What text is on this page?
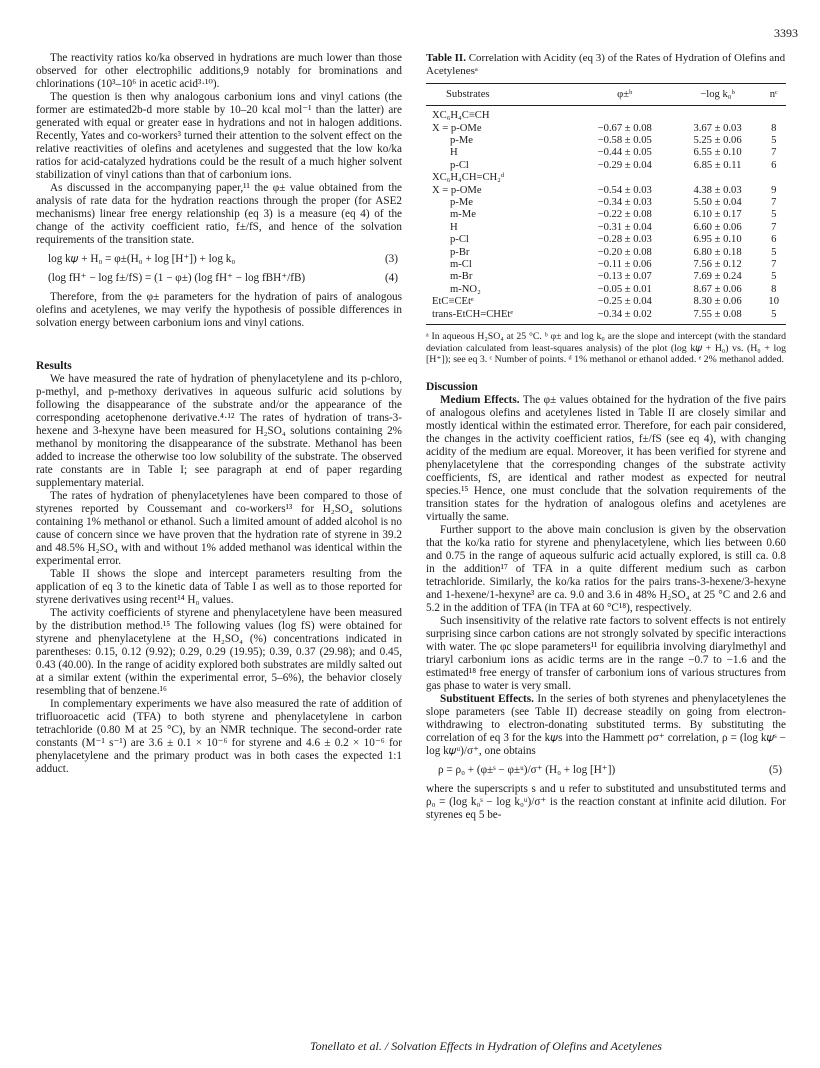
3393

The reactivity ratios ko/ka observed in hydrations are much lower than those observed for other electrophilic additions,9 notably for brominations and chlorinations (10³–10⁶ in acetic acid³·¹⁰).

The question is then why analogous carbonium ions and vinyl cations (the former are estimated2b-d more stable by 10–20 kcal mol⁻¹ than the latter) are generated with equal or greater ease in hydrations and not in halogen additions. Recently, Yates and co-workers³ turned their attention to the solvent effect on the relative reactivities of olefins and acetylenes and suggested that the low ko/ka ratios for acid-catalyzed hydrations could be the result of a much higher solvent stabilization of vinyl cations than that of carbonium ions.

As discussed in the accompanying paper,¹¹ the φ± value obtained from the analysis of rate data for the hydration reactions through the proper (for ASE2 mechanisms) linear free energy relationship (eq 3) is a measure (eq 4) of the change of the activity coefficient ratio, f±/fS, and hence of the solvation requirements of the transition state.

log k𝜓 + H₀ = φ±(H₀ + log [H⁺]) + log k₀	(3)
(log fH⁺ − log f±/fS) = (1 − φ±) (log fH⁺ − log fBH⁺/fB)	(4)

Therefore, from the φ± parameters for the hydration of pairs of analogous olefins and acetylenes, we may verify the hypothesis of possible differences in solvation energy between carbonium ions and vinyl cations.

Results

We have measured the rate of hydration of phenylacetylene and its p-chloro, p-methyl, and p-methoxy derivatives in aqueous sulfuric acid solutions by following the disappearance of the substrate and/or the appearance of the corresponding acetophenone derivative.⁴·¹² The rates of hydration of trans-3-hexene and 3-hexyne have been measured for H₂SO₄ solutions containing 2% methanol by monitoring the disappearance of the substrate. Methanol has been added to increase the otherwise too low solubility of the substrate. The observed rate constants are in Table I; see paragraph at end of paper regarding supplementary material.

The rates of hydration of phenylacetylenes have been compared to those of styrenes reported by Coussemant and co-workers¹³ for H₂SO₄ solutions containing 1% methanol or ethanol. Such a limited amount of added alcohol is no cause of concern since we have proven that the hydration rate of styrene in 39.2 and 48.5% H₂SO₄ with and without 1% added methanol was identical within the experimental error.

Table II shows the slope and intercept parameters resulting from the application of eq 3 to the kinetic data of Table I as well as to those reported for styrene derivatives using recent¹⁴ H₀ values.

The activity coefficients of styrene and phenylacetylene have been measured by the distribution method.¹⁵ The following values (log fS) were obtained for styrene and phenylacetylene at the H₂SO₄ (%) concentrations indicated in parentheses: 0.15, 0.12 (9.92); 0.29, 0.29 (19.95); 0.39, 0.37 (29.98); and 0.45, 0.43 (40.00). In the range of acidity explored both substrates are mildly salted out at a similar extent (within the experimental error, 5–6%), the behavior closely resembling that of benzene.¹⁶

In complementary experiments we have also measured the rate of addition of trifluoroacetic acid (TFA) to both styrene and phenylacetylene in carbon tetrachloride (0.80 M at 25 °C), by an NMR technique. The second-order rate constants (M⁻¹ s⁻¹) are 3.6 ± 0.1 × 10⁻⁶ for styrene and 4.6 ± 0.2 × 10⁻⁶ for phenylacetylene and the primary product was in both cases the expected 1:1 adduct.

Table II. Correlation with Acidity (eq 3) of the Rates of Hydration of Olefins and Acetylenesᵃ
Substrates	φ±ᵇ	−log k₀ᵇ	nᶜ
XC₆H₄C≡CH			
X = p-OMe	−0.67 ± 0.08	3.67 ± 0.03	8
p-Me	−0.58 ± 0.05	5.25 ± 0.06	5
H	−0.44 ± 0.05	6.55 ± 0.10	7
p-Cl	−0.29 ± 0.04	6.85 ± 0.11	6
XC₆H₄CH=CH₂ᵈ			
X = p-OMe	−0.54 ± 0.03	4.38 ± 0.03	9
p-Me	−0.34 ± 0.03	5.50 ± 0.04	7
m-Me	−0.22 ± 0.08	6.10 ± 0.17	5
H	−0.31 ± 0.04	6.60 ± 0.06	7
p-Cl	−0.28 ± 0.03	6.95 ± 0.10	6
p-Br	−0.20 ± 0.08	6.80 ± 0.18	5
m-Cl	−0.11 ± 0.06	7.56 ± 0.12	7
m-Br	−0.13 ± 0.07	7.69 ± 0.24	5
m-NO₂	−0.05 ± 0.01	8.67 ± 0.06	8
EtC≡CEtᵉ	−0.25 ± 0.04	8.30 ± 0.06	10
trans-EtCH=CHEtᵉ	−0.34 ± 0.02	7.55 ± 0.08	5
ᵃ In aqueous H₂SO₄ at 25 °C. ᵇ φ± and log k₀ are the slope and intercept (with the standard deviation calculated from least-squares analysis) of the plot (log k𝜓 + H₀) vs. (H₀ + log [H⁺]); see eq 3. ᶜ Number of points. ᵈ 1% methanol or ethanol added. ᵉ 2% methanol added.
Discussion

Medium Effects. The φ± values obtained for the hydration of the five pairs of analogous olefins and acetylenes listed in Table II are closely similar and mostly identical within the estimated error. Therefore, for each pair considered, the changes in the activity coefficient ratios, f±/fS (see eq 4), with changing acidity of the medium are equal. Moreover, it has been verified for styrene and phenylacetylene that the corresponding changes of the substrate activity coefficients, fS, are identical and rather modest as expected for neutral species.¹⁵ Hence, one must conclude that the solvation requirements of the transition states for the hydration of analogous olefins and acetylenes are virtually the same.

Further support to the above main conclusion is given by the observation that the ko/ka ratio for styrene and phenylacetylene, which lies between 0.60 and 0.75 in the range of aqueous sulfuric acid actually explored, is still ca. 0.8 in the addition¹⁷ of TFA in a quite different medium such as carbon tetrachloride. Similarly, the ko/ka ratios for the pairs trans-3-hexene/3-hexyne and 1-hexene/1-hexyne³ are ca. 9.0 and 3.6 in 48% H₂SO₄ at 25 °C and 2.6 and 5.2 in the addition of TFA (in TFA at 60 °C¹⁸), respectively.

Such insensitivity of the relative rate factors to solvent effects is not entirely surprising since carbon cations are not strongly solvated by specific interactions with water. The φc slope parameters¹¹ for equilibria involving diarylmethyl and triaryl carbonium ions as acidic terms are in the range −0.7 to −1.6 and the estimated¹⁸ free energy of transfer of carbonium ions of various structures from gas phase to water is very small.

Substituent Effects. In the series of both styrenes and phenylacetylenes the slope parameters (see Table II) decrease steadily on going from electron-withdrawing to electron-donating substituted terms. By substituting the correlation of eq 3 for the k𝜓s into the Hammett ρσ⁺ correlation, ρ = (log k𝜓ˢ − log k𝜓ᵘ)/σ⁺, one obtains

ρ = ρ₀ + (φ±ˢ − φ±ᵘ)/σ⁺ (H₀ + log [H⁺])	(5)

where the superscripts s and u refer to substituted and unsubstituted terms and ρ₀ = (log k₀ˢ − log k₀ᵘ)/σ⁺ is the reaction constant at infinite acid dilution. For styrenes eq 5 be-

Tonellato et al. / Solvation Effects in Hydration of Olefins and Acetylenes
